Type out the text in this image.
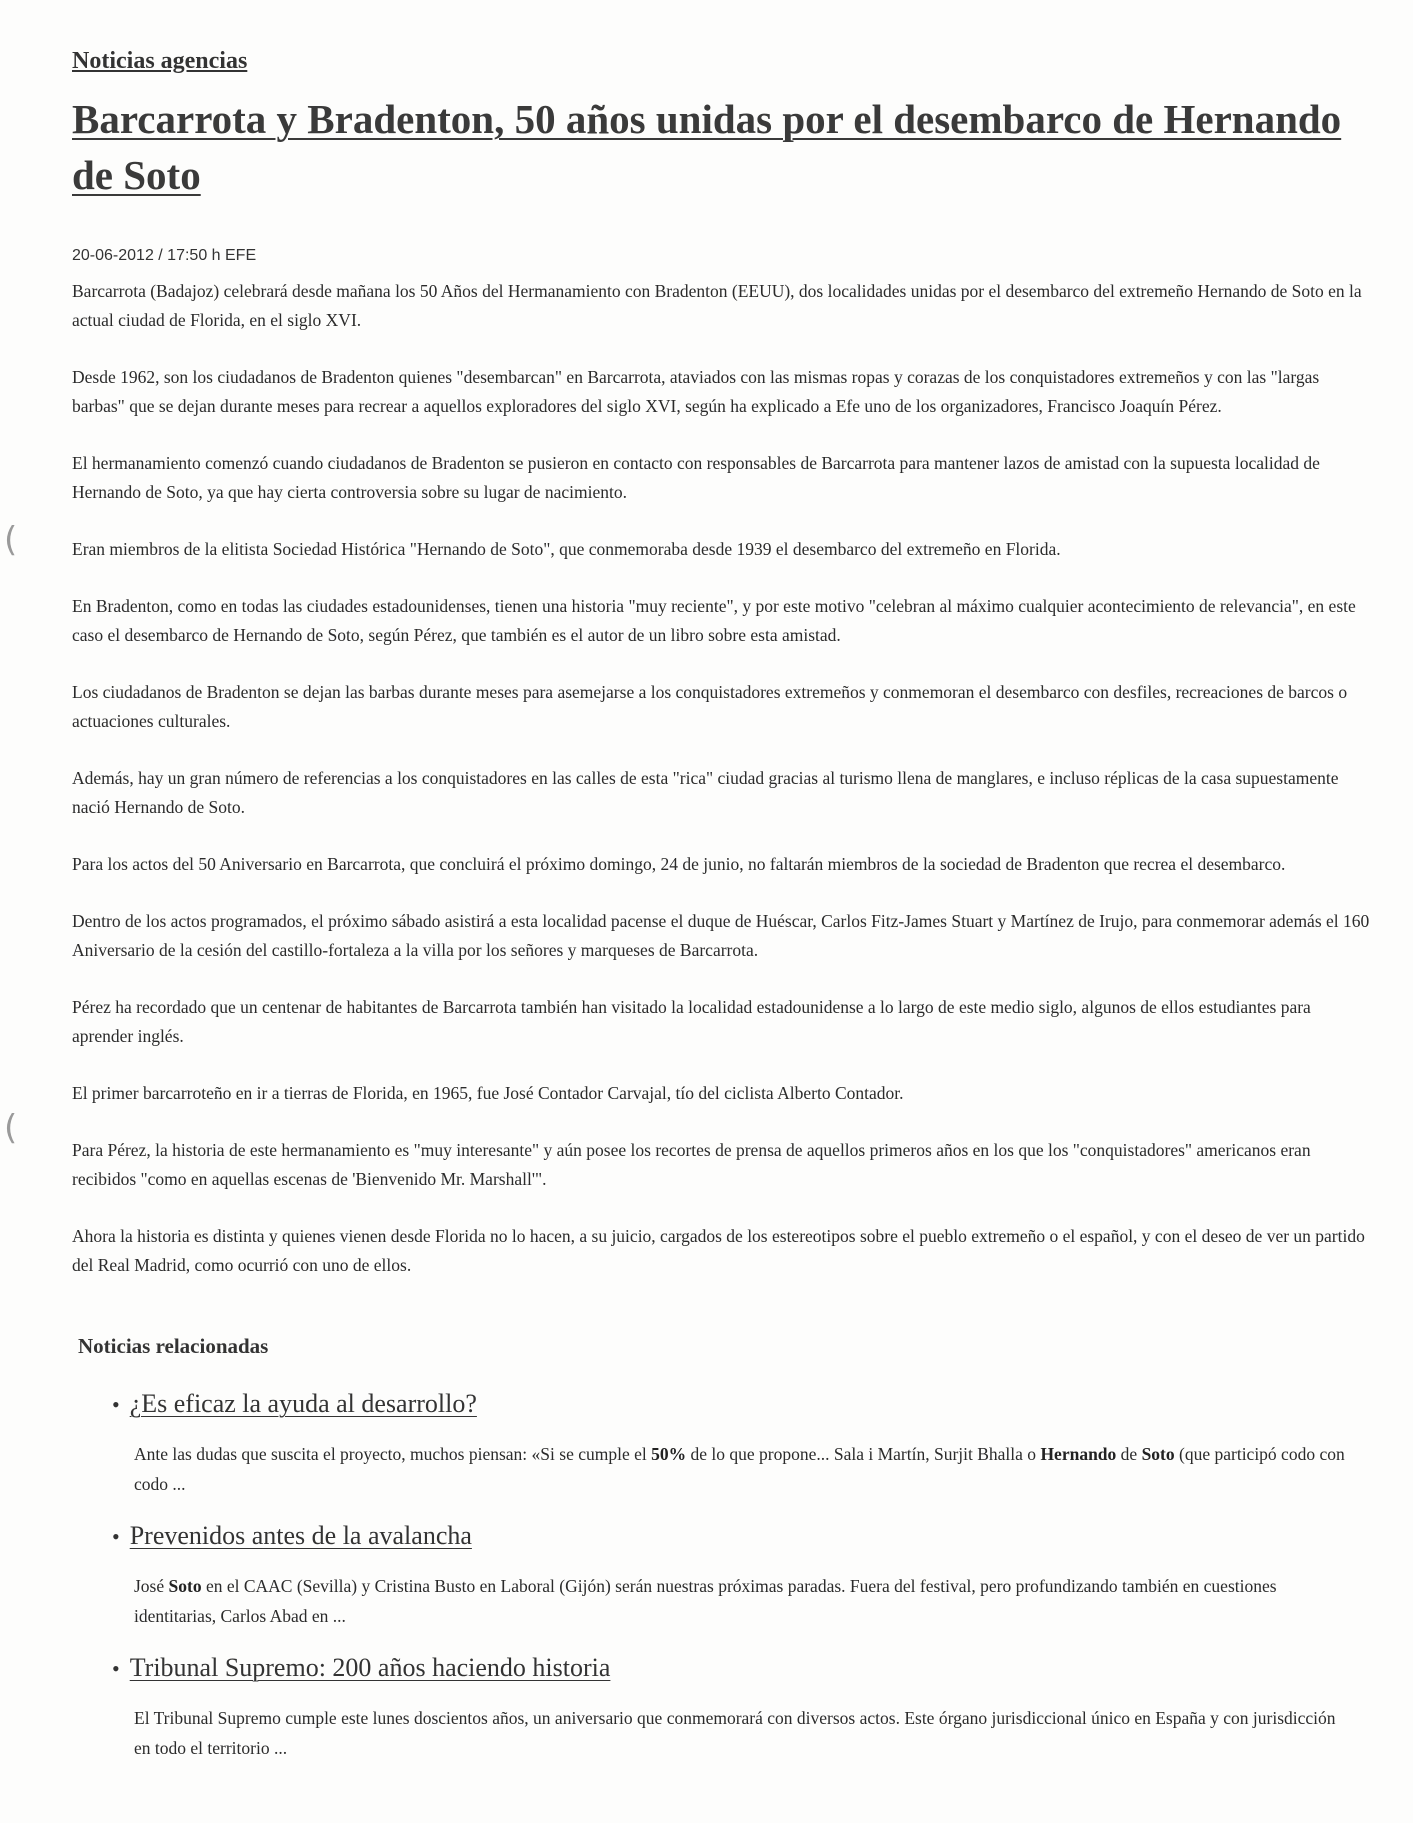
(
(
Noticias agencias
Barcarrota y Bradenton, 50 años unidas por el desembarco de Hernando de Soto
20-06-2012 / 17:50 h EFE

Barcarrota (Badajoz) celebrará desde mañana los 50 Años del Hermanamiento con Bradenton (EEUU), dos localidades unidas por el desembarco del extremeño Hernando de Soto en la actual ciudad de Florida, en el siglo XVI.

Desde 1962, son los ciudadanos de Bradenton quienes "desembarcan" en Barcarrota, ataviados con las mismas ropas y corazas de los conquistadores extremeños y con las "largas barbas" que se dejan durante meses para recrear a aquellos exploradores del siglo XVI, según ha explicado a Efe uno de los organizadores, Francisco Joaquín Pérez.

El hermanamiento comenzó cuando ciudadanos de Bradenton se pusieron en contacto con responsables de Barcarrota para mantener lazos de amistad con la supuesta localidad de Hernando de Soto, ya que hay cierta controversia sobre su lugar de nacimiento.

Eran miembros de la elitista Sociedad Histórica "Hernando de Soto", que conmemoraba desde 1939 el desembarco del extremeño en Florida.

En Bradenton, como en todas las ciudades estadounidenses, tienen una historia "muy reciente", y por este motivo "celebran al máximo cualquier acontecimiento de relevancia", en este caso el desembarco de Hernando de Soto, según Pérez, que también es el autor de un libro sobre esta amistad.

Los ciudadanos de Bradenton se dejan las barbas durante meses para asemejarse a los conquistadores extremeños y conmemoran el desembarco con desfiles, recreaciones de barcos o actuaciones culturales.

Además, hay un gran número de referencias a los conquistadores en las calles de esta "rica" ciudad gracias al turismo llena de manglares, e incluso réplicas de la casa supuestamente nació Hernando de Soto.

Para los actos del 50 Aniversario en Barcarrota, que concluirá el próximo domingo, 24 de junio, no faltarán miembros de la sociedad de Bradenton que recrea el desembarco.

Dentro de los actos programados, el próximo sábado asistirá a esta localidad pacense el duque de Huéscar, Carlos Fitz-James Stuart y Martínez de Irujo, para conmemorar además el 160 Aniversario de la cesión del castillo-fortaleza a la villa por los señores y marqueses de Barcarrota.

Pérez ha recordado que un centenar de habitantes de Barcarrota también han visitado la localidad estadounidense a lo largo de este medio siglo, algunos de ellos estudiantes para aprender inglés.

El primer barcarroteño en ir a tierras de Florida, en 1965, fue José Contador Carvajal, tío del ciclista Alberto Contador.

Para Pérez, la historia de este hermanamiento es "muy interesante" y aún posee los recortes de prensa de aquellos primeros años en los que los "conquistadores" americanos eran recibidos "como en aquellas escenas de 'Bienvenido Mr. Marshall'".

Ahora la historia es distinta y quienes vienen desde Florida no lo hacen, a su juicio, cargados de los estereotipos sobre el pueblo extremeño o el español, y con el deseo de ver un partido del Real Madrid, como ocurrió con uno de ellos.

Noticias relacionadas
• ¿Es eficaz la ayuda al desarrollo?
Ante las dudas que suscita el proyecto, muchos piensan: «Si se cumple el 50% de lo que propone... Sala i Martín, Surjit Bhalla o Hernando de Soto (que participó codo con codo ...
• Prevenidos antes de la avalancha
José Soto en el CAAC (Sevilla) y Cristina Busto en Laboral (Gijón) serán nuestras próximas paradas. Fuera del festival, pero profundizando también en cuestiones identitarias, Carlos Abad en ...
• Tribunal Supremo: 200 años haciendo historia
El Tribunal Supremo cumple este lunes doscientos años, un aniversario que conmemorará con diversos actos. Este órgano jurisdiccional único en España y con jurisdicción en todo el territorio ...
